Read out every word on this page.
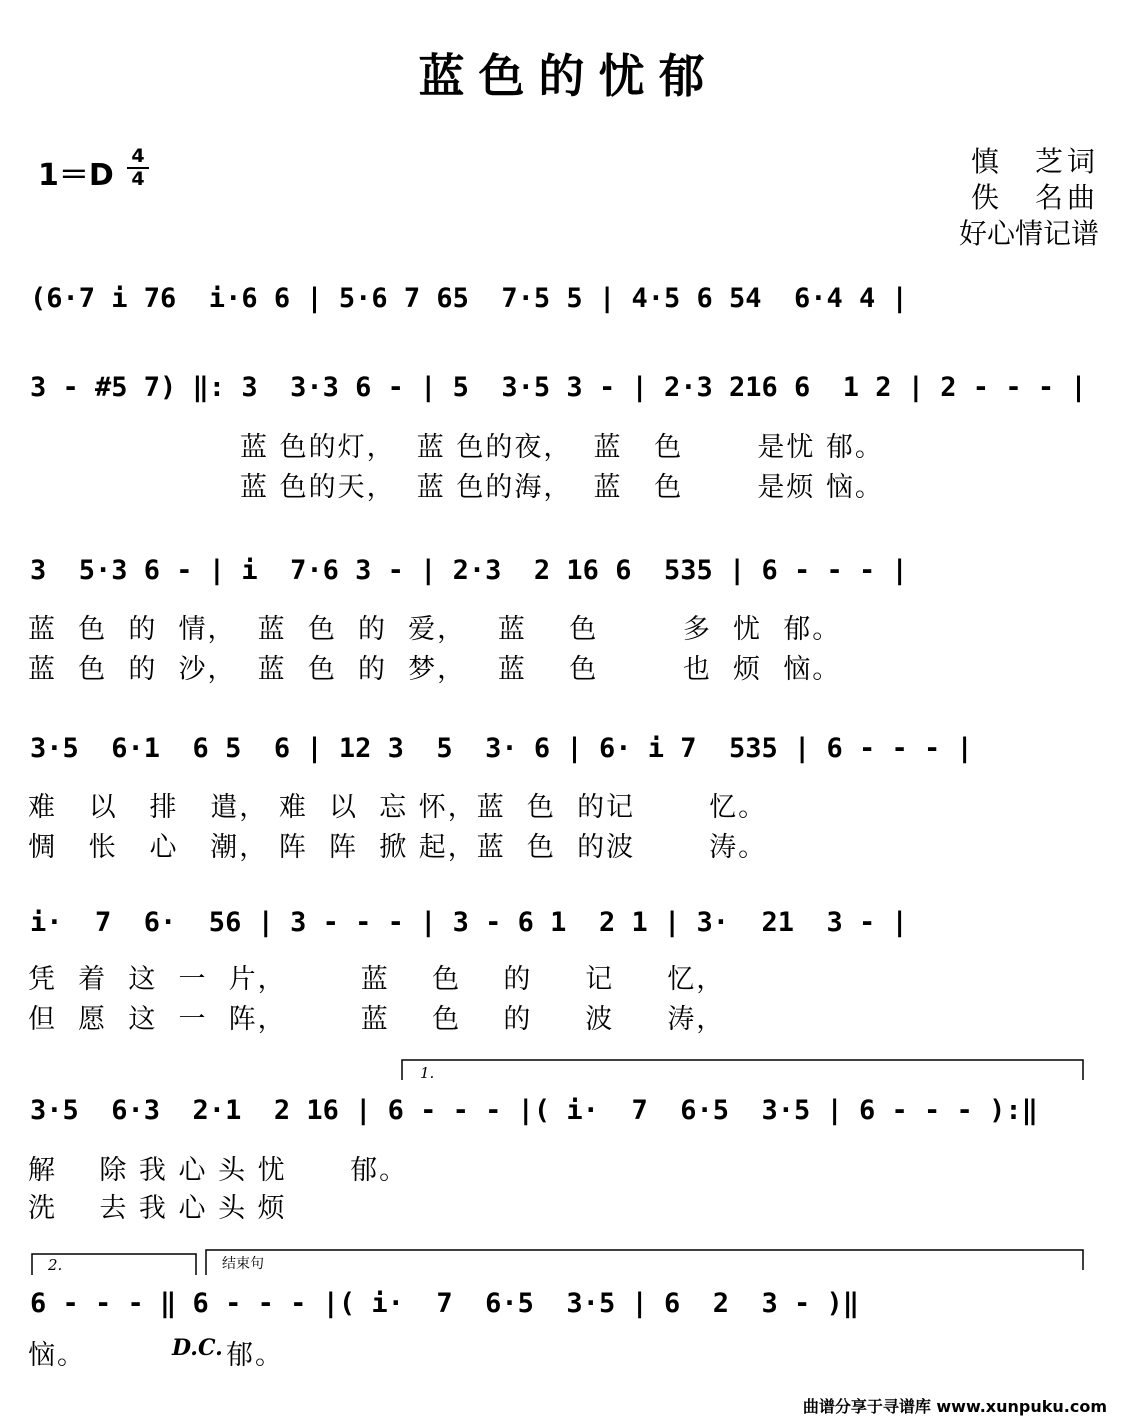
蓝色的忧郁
1＝D
4
4
慎　芝词
佚　名曲
好心情记谱
(6·7 i 76  i·6 6 | 5·6 7 65  7·5 5 | 4·5 6 54  6·4 4 |
3 - #5 7) ‖: 3  3·3 6 - | 5  3·5 3 - | 2·3 216 6  1 2 | 2 - - - |
蓝 色的灯，  蓝 色的夜，  蓝   色       是忧 郁。
蓝 色的天，  蓝 色的海，  蓝   色       是烦 恼。
3  5·3 6 - | i  7·6 3 - | 2·3  2 16 6  535 | 6 - - - |
蓝  色  的  情，  蓝  色  的  爱，   蓝    色        多  忧  郁。
蓝  色  的  沙，  蓝  色  的  梦，   蓝    色        也  烦  恼。
3·5  6·1  6 5  6 | 12 3  5  3· 6 | 6· i 7  535 | 6 - - - |
难   以   排   遣， 难  以  忘 怀，蓝  色  的记       忆。
惆   怅   心   潮， 阵  阵  掀 起，蓝  色  的波       涛。
i·  7  6·  56 | 3 - - - | 3 - 6 1  2 1 | 3·  21  3 - |
凭  着  这  一  片，       蓝    色    的     记     忆，
但  愿  这  一  阵，       蓝    色    的     波     涛，
1.
3·5  6·3  2·1  2 16 | 6 - - - |( i·  7  6·5  3·5 | 6 - - - ):‖
解    除 我 心 头 忧      郁。
洗    去 我 心 头 烦
2.	结束句
6 - - - ‖ 6 - - - |( i·  7  6·5  3·5 | 6  2  3 - )‖
恼。	D.C. 郁。
曲谱分享于寻谱库 www.xunpuku.com
